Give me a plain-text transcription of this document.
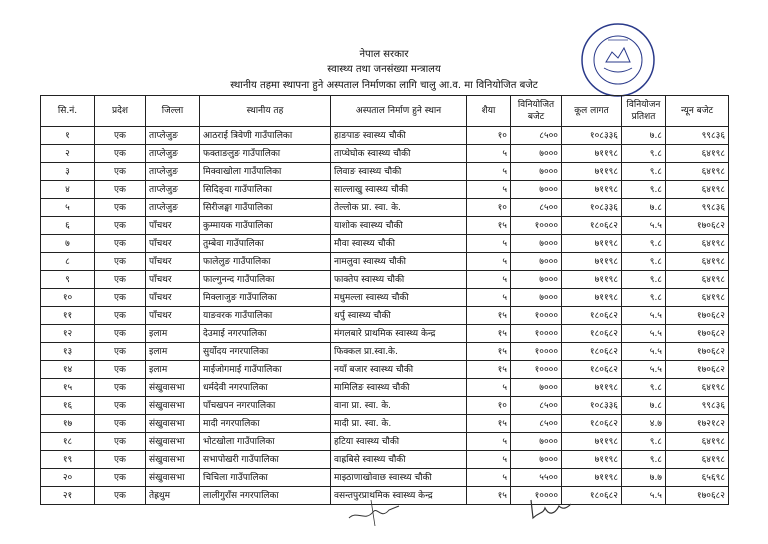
नेपाल सरकार
स्वास्थ्य तथा जनसंख्या मन्त्रालय
स्थानीय तहमा स्थापना हुने अस्पताल निर्माणका लागि चालु आ.व. मा विनियोजित बजेट
सि.नं.	प्रदेश	जिल्ला	स्थानीय तह	अस्पताल निर्माण हुने स्थान	शैया	विनियोजित बजेट	कूल लागत	विनियोजन प्रतिशत	न्यून बजेट
१	एक	ताप्लेजुङ	आठराई त्रिवेणी गाउँपालिका	हाङपाङ स्वास्थ्य चौकी	१०	८५००	१०८३३६	७.८	९९८३६
२	एक	ताप्लेजुङ	फक्ताङलुङ गाउँपालिका	ताप्थेघोक स्वास्थ्य चौकी	५	७०००	७११९८	९.८	६४१९८
३	एक	ताप्लेजुङ	मिक्वाखोला गाउँपालिका	लिवाङ स्वास्थ्य चौकी	५	७०००	७११९८	९.८	६४१९८
४	एक	ताप्लेजुङ	सिदिङ्वा गाउँपालिका	साल्लाखु स्वास्थ्य चौकी	५	७०००	७११९८	९.८	६४१९८
५	एक	ताप्लेजुङ	सिरीजङ्घा गाउँपालिका	तेल्लोक प्रा. स्वा. के.	१०	८५००	१०८३३६	७.८	९९८३६
६	एक	पाँचथर	कुम्मायक गाउँपालिका	याशोक स्वास्थ्य चौकी	१५	१००००	१८०६८२	५.५	१७०६८२
७	एक	पाँचथर	तुम्बेवा गाउँपालिका	मौवा स्वास्थ्य चौकी	५	७०००	७११९८	९.८	६४१९८
८	एक	पाँचथर	फालेलुङ गाउँपालिका	नामलुवा स्वास्थ्य चौकी	५	७०००	७११९८	९.८	६४१९८
९	एक	पाँचथर	फाल्गुनन्द गाउँपालिका	फाक्तेप स्वास्थ्य चौकी	५	७०००	७११९८	९.८	६४१९८
१०	एक	पाँचथर	मिक्लाजुङ गाउँपालिका	मधुमल्ला स्वास्थ्य चौकी	५	७०००	७११९८	९.८	६४१९८
११	एक	पाँचथर	याङवरक गाउँपालिका	थर्पु स्वास्थ्य चौकी	१५	१००००	१८०६८२	५.५	१७०६८२
१२	एक	इलाम	देउमाई नगरपालिका	मंगलबारे प्राथमिक स्वास्थ्य केन्द्र	१५	१००००	१८०६८२	५.५	१७०६८२
१३	एक	इलाम	सुर्योदय नगरपालिका	फिक्कल प्रा.स्वा.के.	१५	१००००	१८०६८२	५.५	१७०६८२
१४	एक	इलाम	माईजोगमाई गाउँपालिका	नयाँ बजार स्वास्थ्य चौकी	१५	१००००	१८०६८२	५.५	१७०६८२
१५	एक	संखुवासभा	धर्मदेवी नगरपालिका	मामिलिङ स्वास्थ्य चौकी	५	७०००	७११९८	९.८	६४१९८
१६	एक	संखुवासभा	पाँचखपन नगरपालिका	वाना प्रा. स्वा. के.	१०	८५००	१०८३३६	७.८	९९८३६
१७	एक	संखुवासभा	मादी नगरपालिका	मादी प्रा. स्वा. के.	१५	८५००	१८०६८२	४.७	१७२१८२
१८	एक	संखुवासभा	भोटखोला गाउँपालिका	हटिया स्वास्थ्य चौकी	५	७०००	७११९८	९.८	६४१९८
१९	एक	संखुवासभा	सभापोखरी गाउँपालिका	वाह्रबिसे स्वास्थ्य चौकी	५	७०००	७११९८	९.८	६४१९८
२०	एक	संखुवासभा	चिचिला गाउँपालिका	माझ्ठाणाखोवाछ स्वास्थ्य चौकी	५	५५००	७११९८	७.७	६५६९८
२१	एक	तेह्रथुम	लालीगुराँस नगरपालिका	वसन्तपुरप्राथमिक स्वास्थ्य केन्द्र	१५	१००००	१८०६८२	५.५	१७०६८२
